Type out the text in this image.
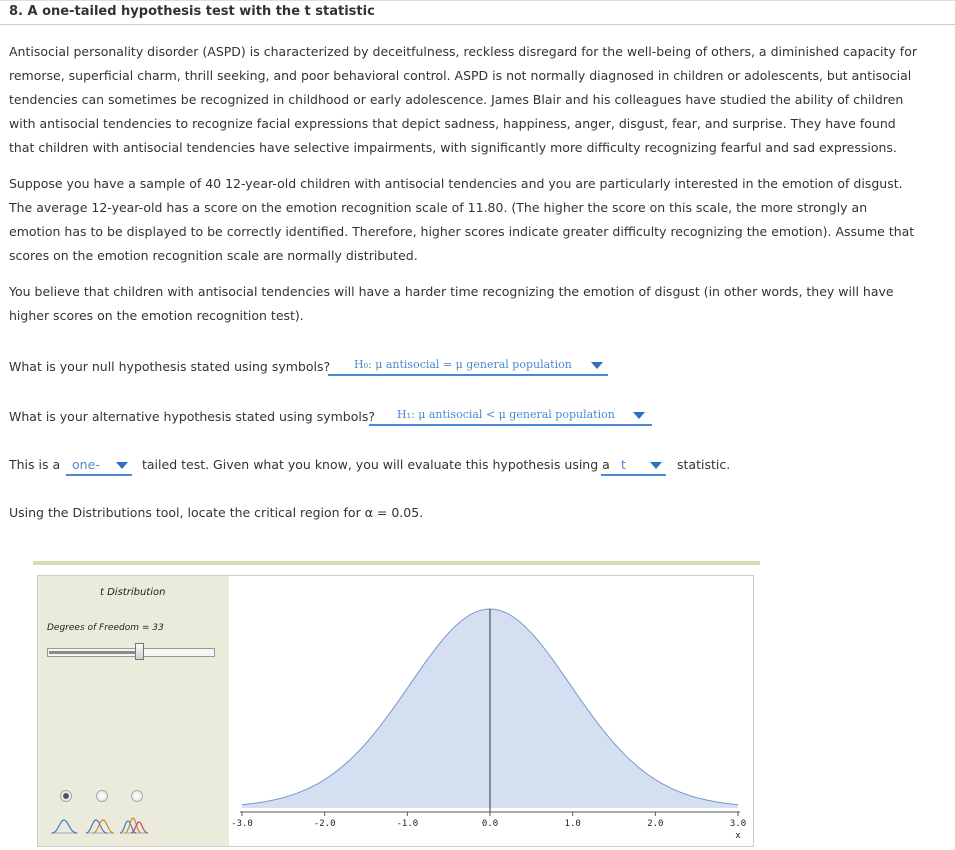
8. A one-tailed hypothesis test with the t statistic

Antisocial personality disorder (ASPD) is characterized by deceitfulness, reckless disregard for the well-being of others, a diminished capacity for remorse, superficial charm, thrill seeking, and poor behavioral control. ASPD is not normally diagnosed in children or adolescents, but antisocial tendencies can sometimes be recognized in childhood or early adolescence. James Blair and his colleagues have studied the ability of children with antisocial tendencies to recognize facial expressions that depict sadness, happiness, anger, disgust, fear, and surprise. They have found that children with antisocial tendencies have selective impairments, with significantly more difficulty recognizing fearful and sad expressions.

Suppose you have a sample of 40 12-year-old children with antisocial tendencies and you are particularly interested in the emotion of disgust. The average 12-year-old has a score on the emotion recognition scale of 11.80. (The higher the score on this scale, the more strongly an emotion has to be displayed to be correctly identified. Therefore, higher scores indicate greater difficulty recognizing the emotion). Assume that scores on the emotion recognition scale are normally distributed.

You believe that children with antisocial tendencies will have a harder time recognizing the emotion of disgust (in other words, they will have higher scores on the emotion recognition test).

What is your null hypothesis stated using symbols? H₀: μ antisocial = μ general population
What is your alternative hypothesis stated using symbols? H₁: μ antisocial < μ general population
This is a one-	tailed test. Given what you know, you will evaluate this hypothesis using a t	statistic.
Using the Distributions tool, locate the critical region for α = 0.05.
t Distribution
Degrees of Freedom = 33
-3.0	-2.0	-1.0	0.0	1.0	2.0	3.0
x
